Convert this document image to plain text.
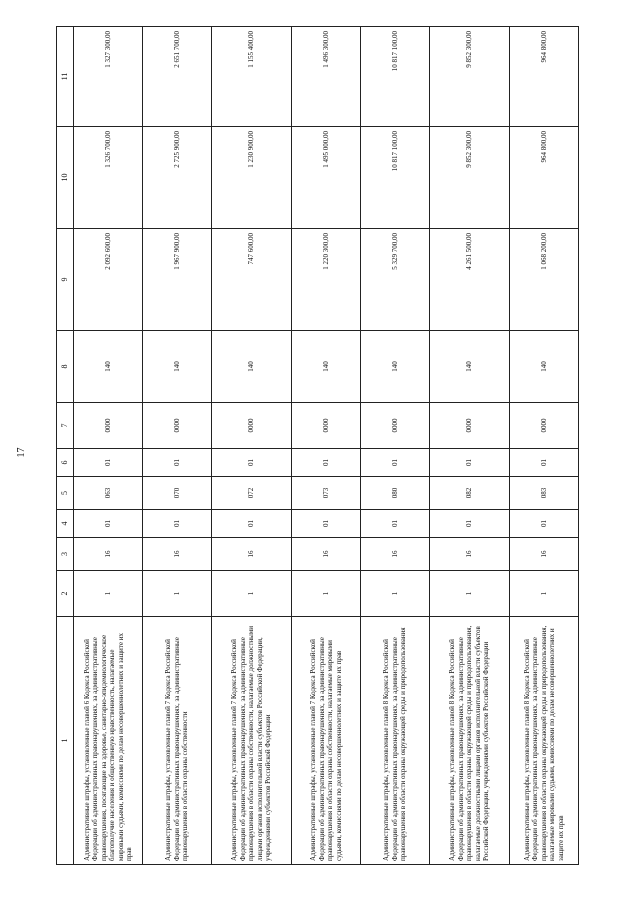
17
1	2	3	4	5	6	7	8	9	10	11
Административные штрафы, установленные главой 6 Кодекса Российской Федерации об административных правонарушениях, за административные правонарушения, посягающие на здоровье, санитарно-эпидемиологическое благополучие населения и общественную нравственность, налагаемые мировыми судьями, комиссиями по делам несовершеннолетних и защите их прав	1	16	01	063	01	0000	140	2 092 600,00	1 326 700,00	1 327 300,00
Административные штрафы, установленные главой 7 Кодекса Российской Федерации об административных правонарушениях, за административные правонарушения в области охраны собственности	1	16	01	070	01	0000	140	1 967 900,00	2 725 900,00	2 651 700,00
Административные штрафы, установленные главой 7 Кодекса Российской Федерации об административных правонарушениях, за административные правонарушения в области охраны собственности, налагаемые должностными лицами органов исполнительной власти субъектов Российской Федерации, учреждениями субъектов Российской Федерации	1	16	01	072	01	0000	140	747 600,00	1 230 900,00	1 155 400,00
Административные штрафы, установленные главой 7 Кодекса Российской Федерации об административных правонарушениях, за административные правонарушения в области охраны собственности, налагаемые мировыми судьями, комиссиями по делам несовершеннолетних и защите их прав	1	16	01	073	01	0000	140	1 220 300,00	1 495 000,00	1 496 300,00
Административные штрафы, установленные главой 8 Кодекса Российской Федерации об административных правонарушениях, за административные правонарушения в области охраны окружающей среды и природопользования	1	16	01	080	01	0000	140	5 329 700,00	10 817 100,00	10 817 100,00
Административные штрафы, установленные главой 8 Кодекса Российской Федерации об административных правонарушениях, за административные правонарушения в области охраны окружающей среды и природопользования, налагаемые должностными лицами органов исполнительной власти субъектов Российской Федерации, учреждениями субъектов Российской Федерации	1	16	01	082	01	0000	140	4 261 500,00	9 852 300,00	9 852 300,00
Административные штрафы, установленные главой 8 Кодекса Российской Федерации об административных правонарушениях, за административные правонарушения в области охраны окружающей среды и природопользования, налагаемые мировыми судьями, комиссиями по делам несовершеннолетних и защите их прав	1	16	01	083	01	0000	140	1 068 200,00	964 800,00	964 800,00
